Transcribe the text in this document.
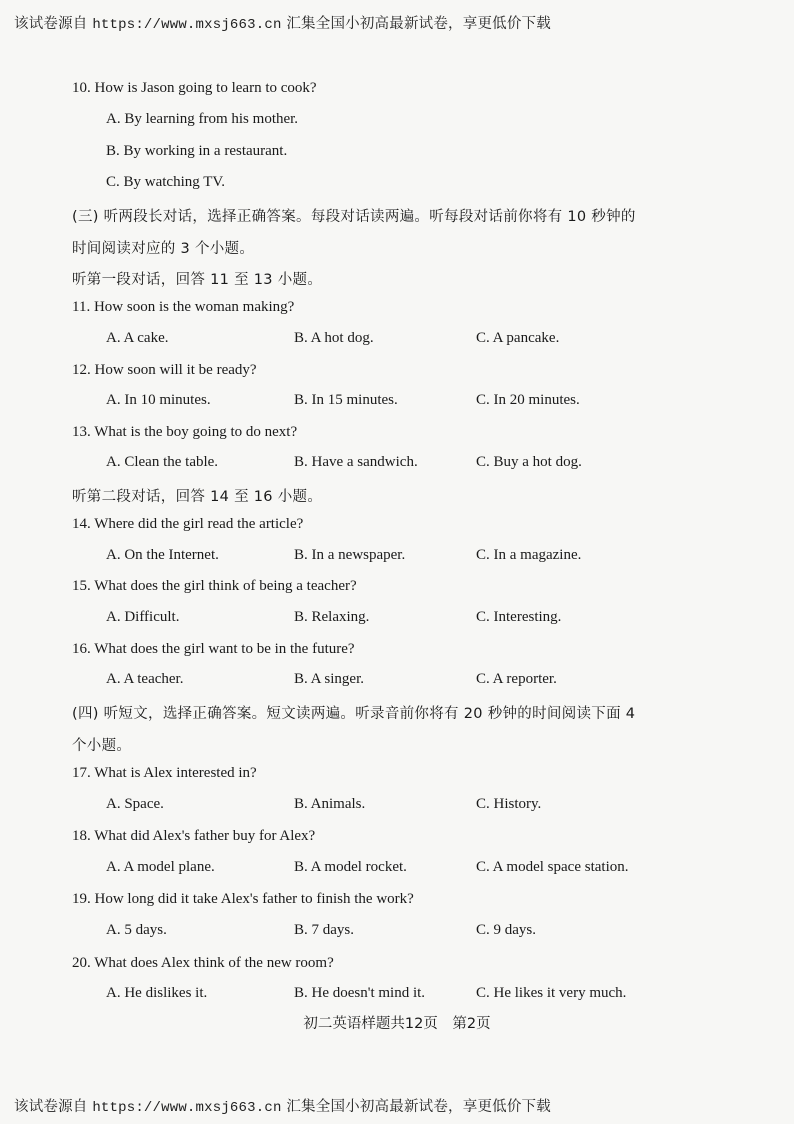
该试卷源自 https://www.mxsj663.cn 汇集全国小初高最新试卷，享更低价下载
10. How is Jason going to learn to cook?
A. By learning from his mother.
B. By working in a restaurant.
C. By watching TV.
(三) 听两段长对话，选择正确答案。每段对话读两遍。听每段对话前你将有 10 秒钟的
时间阅读对应的 3 个小题。
听第一段对话，回答 11 至 13 小题。
11. How soon is the woman making?
A. A cake.	B. A hot dog.	C. A pancake.
12. How soon will it be ready?
A. In 10 minutes.	B. In 15 minutes.	C. In 20 minutes.
13. What is the boy going to do next?
A. Clean the table.	B. Have a sandwich.	C. Buy a hot dog.
听第二段对话，回答 14 至 16 小题。
14. Where did the girl read the article?
A. On the Internet.	B. In a newspaper.	C. In a magazine.
15. What does the girl think of being a teacher?
A. Difficult.	B. Relaxing.	C. Interesting.
16. What does the girl want to be in the future?
A. A teacher.	B. A singer.	C. A reporter.
(四) 听短文，选择正确答案。短文读两遍。听录音前你将有 20 秒钟的时间阅读下面 4
个小题。
17. What is Alex interested in?
A. Space.	B. Animals.	C. History.
18. What did Alex's father buy for Alex?
A. A model plane.	B. A model rocket.	C. A model space station.
19. How long did it take Alex's father to finish the work?
A. 5 days.	B. 7 days.	C. 9 days.
20. What does Alex think of the new room?
A. He dislikes it.	B. He doesn't mind it.	C. He likes it very much.
初二英语样题共12页　第2页
该试卷源自 https://www.mxsj663.cn 汇集全国小初高最新试卷，享更低价下载
